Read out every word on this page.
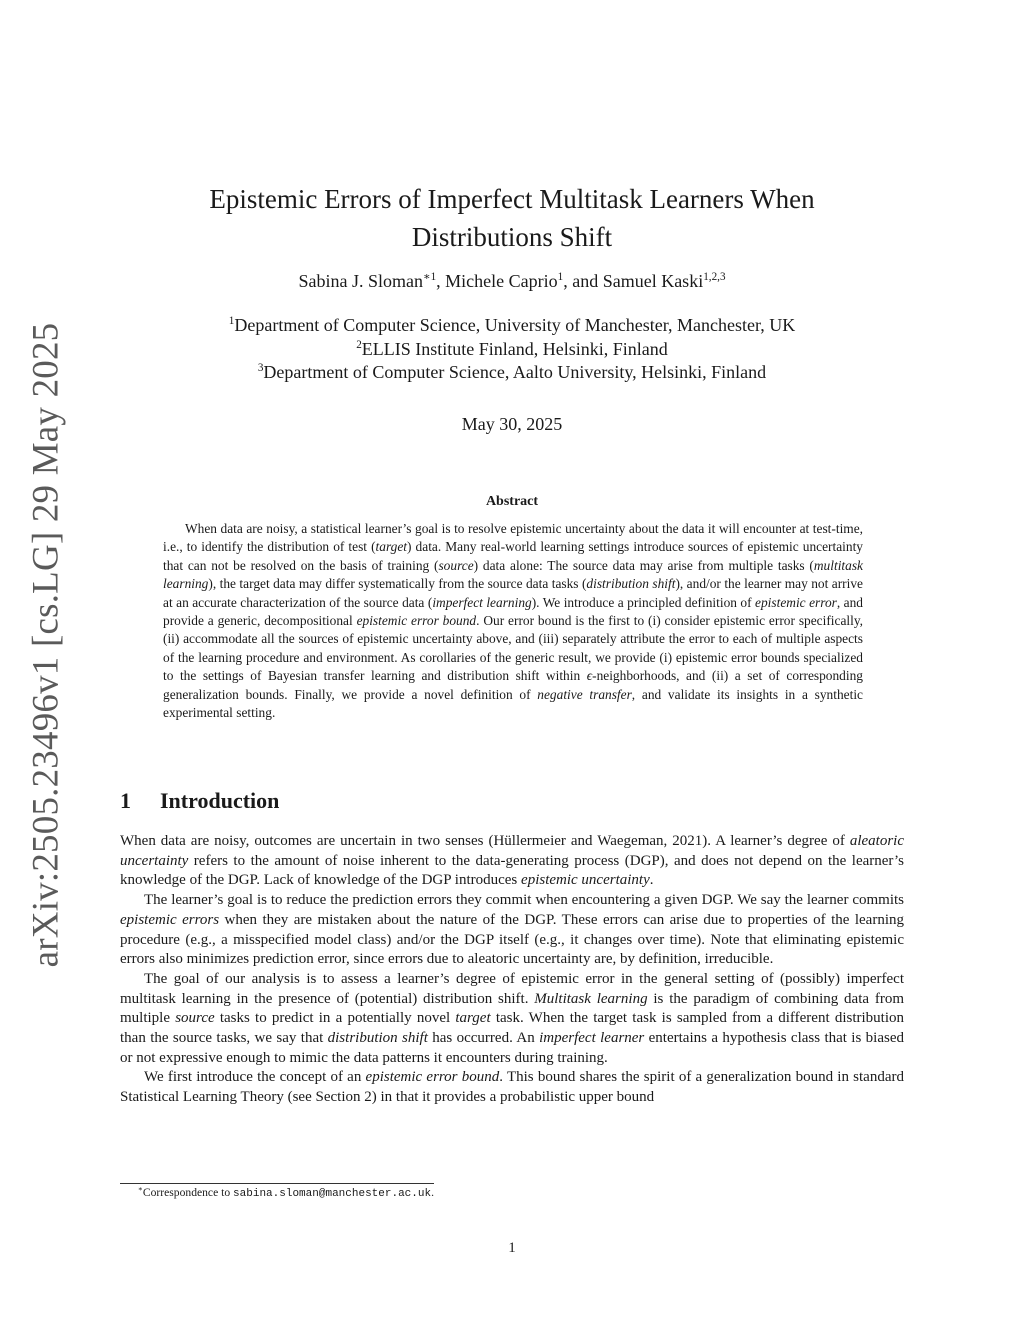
arXiv:2505.23496v1 [cs.LG] 29 May 2025
Epistemic Errors of Imperfect Multitask Learners When Distributions Shift
Sabina J. Sloman$^{∗1}$, Michele Caprio$^1$, and Samuel Kaski$^{1,2,3}$
$^1$Department of Computer Science, University of Manchester, Manchester, UK
$^2$ELLIS Institute Finland, Helsinki, Finland
$^3$Department of Computer Science, Aalto University, Helsinki, Finland
May 30, 2025
Abstract

When data are noisy, a statistical learner’s goal is to resolve epistemic uncertainty about the data it will encounter at test-time, i.e., to identify the distribution of test (target) data. Many real-world learning settings introduce sources of epistemic uncertainty that can not be resolved on the basis of training (source) data alone: The source data may arise from multiple tasks (multitask learning), the target data may differ systematically from the source data tasks (distribution shift), and/or the learner may not arrive at an accurate characterization of the source data (imperfect learning). We introduce a principled definition of epistemic error, and provide a generic, decompositional epistemic error bound. Our error bound is the first to (i) consider epistemic error specifically, (ii) accommodate all the sources of epistemic uncertainty above, and (iii) separately attribute the error to each of multiple aspects of the learning procedure and environment. As corollaries of the generic result, we provide (i) epistemic error bounds specialized to the settings of Bayesian transfer learning and distribution shift within ϵ-neighborhoods, and (ii) a set of corresponding generalization bounds. Finally, we provide a novel definition of negative transfer, and validate its insights in a synthetic experimental setting.

1 Introduction

When data are noisy, outcomes are uncertain in two senses (Hüllermeier and Waegeman, 2021). A learner’s degree of aleatoric uncertainty refers to the amount of noise inherent to the data-generating process (DGP), and does not depend on the learner’s knowledge of the DGP. Lack of knowledge of the DGP introduces epistemic uncertainty.

The learner’s goal is to reduce the prediction errors they commit when encountering a given DGP. We say the learner commits epistemic errors when they are mistaken about the nature of the DGP. These errors can arise due to properties of the learning procedure (e.g., a misspecified model class) and/or the DGP itself (e.g., it changes over time). Note that eliminating epistemic errors also minimizes prediction error, since errors due to aleatoric uncertainty are, by definition, irreducible.

The goal of our analysis is to assess a learner’s degree of epistemic error in the general setting of (possibly) imperfect multitask learning in the presence of (potential) distribution shift. Multitask learning is the paradigm of combining data from multiple source tasks to predict in a potentially novel target task. When the target task is sampled from a different distribution than the source tasks, we say that distribution shift has occurred. An imperfect learner entertains a hypothesis class that is biased or not expressive enough to mimic the data patterns it encounters during training.

We first introduce the concept of an epistemic error bound. This bound shares the spirit of a generalization bound in standard Statistical Learning Theory (see Section 2) in that it provides a probabilistic upper bound

∗Correspondence to sabina.sloman@manchester.ac.uk.
1
